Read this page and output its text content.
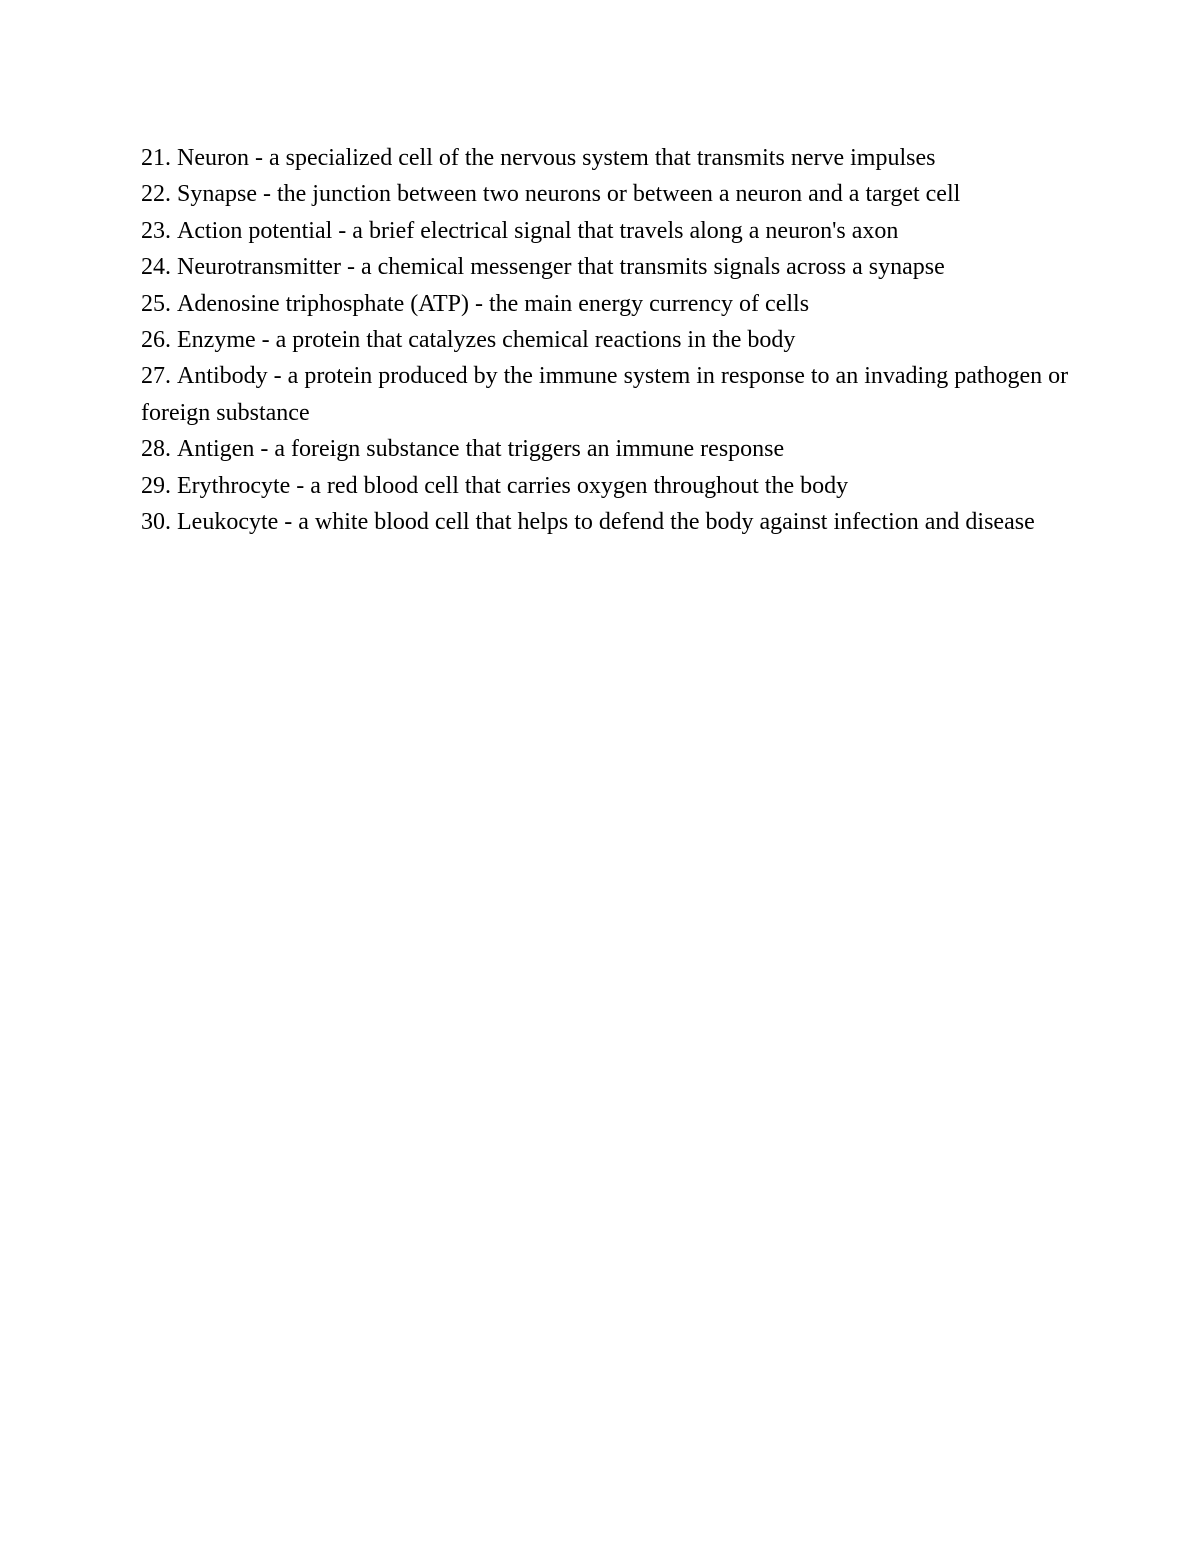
21. Neuron - a specialized cell of the nervous system that transmits nerve impulses

22. Synapse - the junction between two neurons or between a neuron and a target cell

23. Action potential - a brief electrical signal that travels along a neuron's axon

24. Neurotransmitter - a chemical messenger that transmits signals across a synapse

25. Adenosine triphosphate (ATP) - the main energy currency of cells

26. Enzyme - a protein that catalyzes chemical reactions in the body

27. Antibody - a protein produced by the immune system in response to an invading pathogen or foreign substance

28. Antigen - a foreign substance that triggers an immune response

29. Erythrocyte - a red blood cell that carries oxygen throughout the body

30. Leukocyte - a white blood cell that helps to defend the body against infection and disease
